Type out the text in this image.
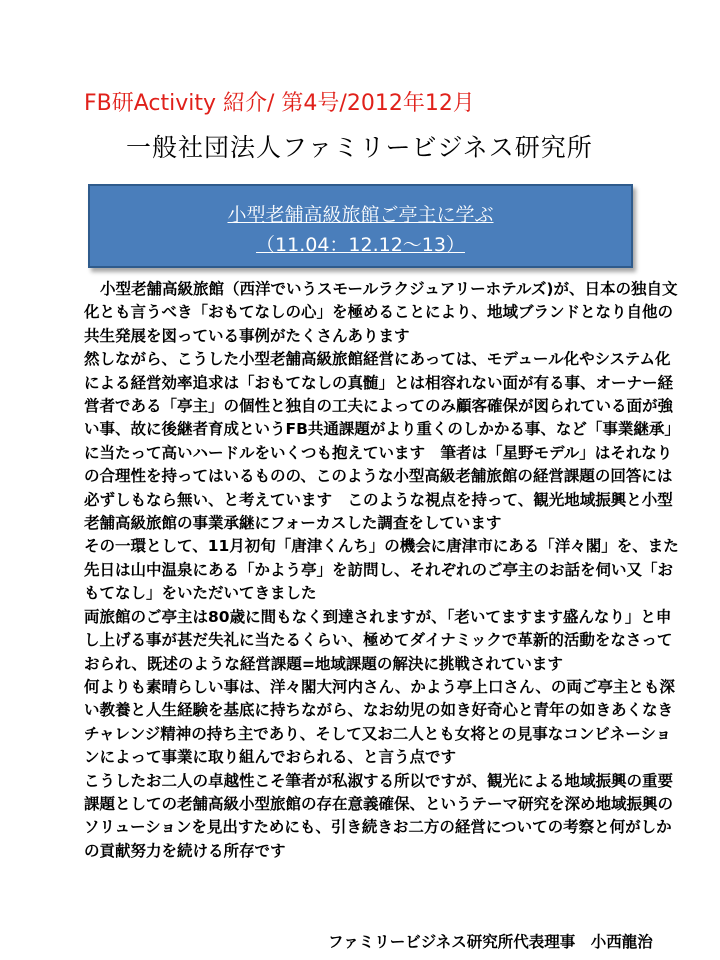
FB研Activity 紹介/ 第4号/2012年12月
一般社団法人ファミリービジネス研究所
小型老舗高級旅館ご亭主に学ぶ
（11.04：12.12～13）

小型老舗高級旅館（西洋でいうスモールラクジュアリーホテルズ)が、日本の独自文化とも言うべき「おもてなしの心」を極めることにより、地域ブランドとなり自他の共生発展を図っている事例がたくさんあります

然しながら、こうした小型老舗高級旅館経営にあっては、モデュール化やシステム化による経営効率追求は「おもてなしの真髄」とは相容れない面が有る事、オーナー経営者である「亭主」の個性と独自の工夫によってのみ顧客確保が図られている面が強い事、故に後継者育成というFB共通課題がより重くのしかかる事、など「事業継承」に当たって高いハードルをいくつも抱えています　筆者は「星野モデル」はそれなりの合理性を持ってはいるものの、このような小型高級老舗旅館の経営課題の回答には必ずしもなら無い、と考えています　このような視点を持って、観光地域振興と小型老舗高級旅館の事業承継にフォーカスした調査をしています

その一環として、11月初旬「唐津くんち」の機会に唐津市にある「洋々閣」を、また先日は山中温泉にある「かよう亭」を訪問し、それぞれのご亭主のお話を伺い又「おもてなし」をいただいてきました

両旅館のご亭主は80歳に間もなく到達されますが、「老いてますます盛んなり」と申し上げる事が甚だ失礼に当たるくらい、極めてダイナミックで革新的活動をなさっておられ、既述のような経営課題=地域課題の解決に挑戦されています

何よりも素晴らしい事は、洋々閣大河内さん、かよう亭上口さん、の両ご亭主とも深い教養と人生経験を基底に持ちながら、なお幼児の如き好奇心と青年の如きあくなきチャレンジ精神の持ち主であり、そして又お二人とも女将との見事なコンビネーションによって事業に取り組んでおられる、と言う点です

こうしたお二人の卓越性こそ筆者が私淑する所以ですが、観光による地域振興の重要課題としての老舗高級小型旅館の存在意義確保、というテーマ研究を深め地域振興のソリューションを見出すためにも、引き続きお二方の経営についての考察と何がしかの貢献努力を続ける所存です

ファミリービジネス研究所代表理事　小西龍治
